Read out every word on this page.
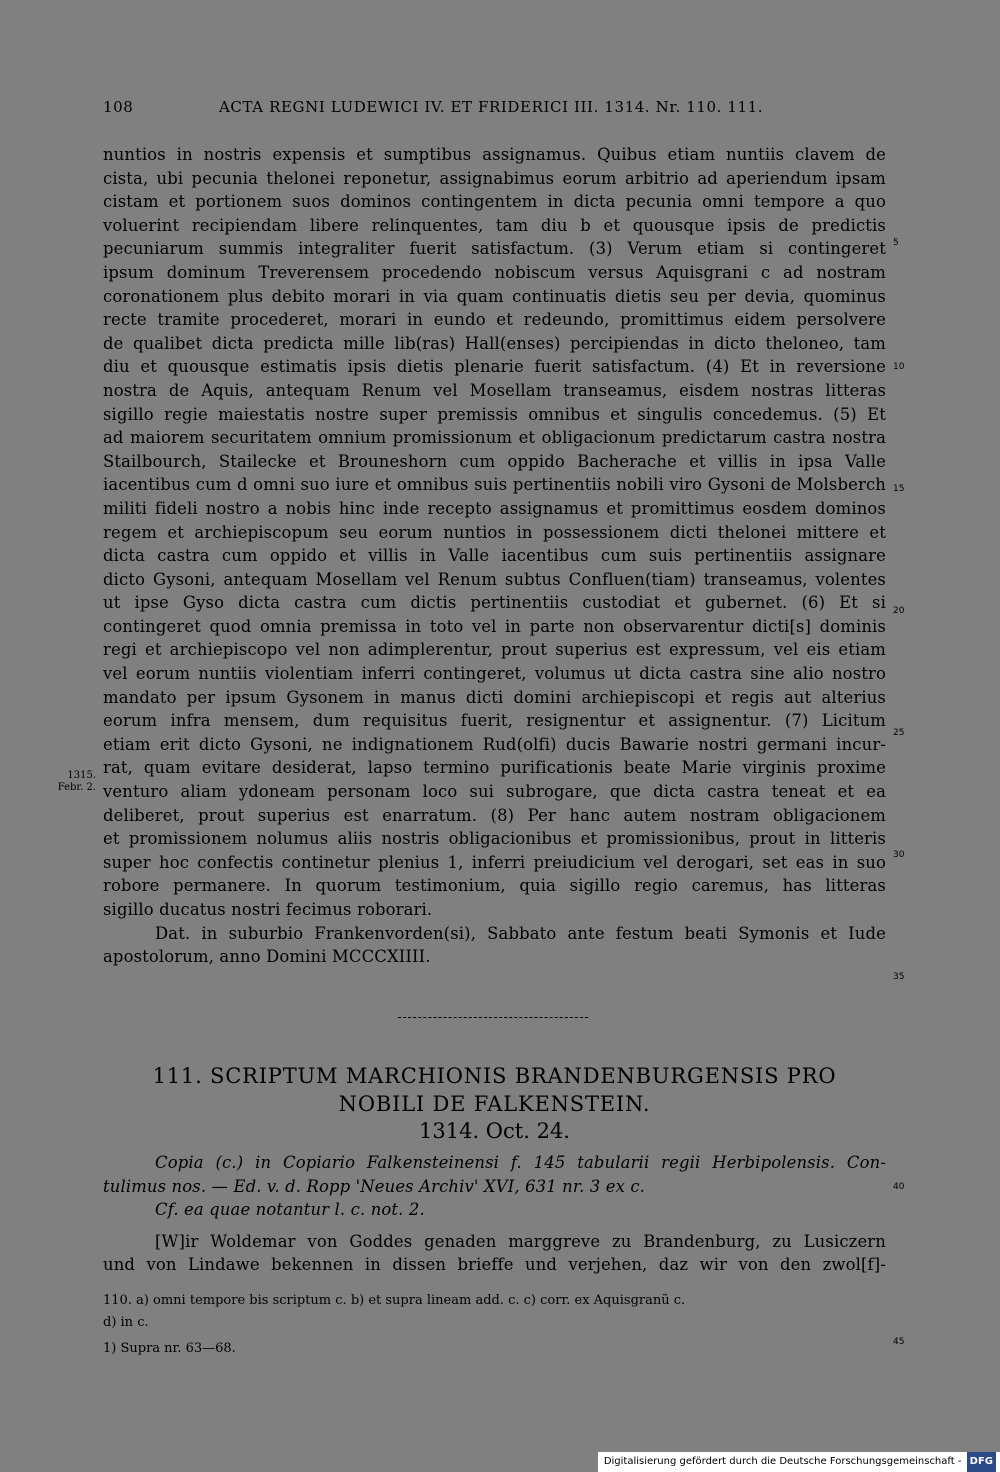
108	ACTA REGNI LUDEWICI IV. ET FRIDERICI III. 1314. Nr. 110. 111.
nuntios in nostris expensis et sumptibus assignamus. Quibus etiam nuntiis clavem de
cista, ubi pecunia thelonei reponetur, assignabimus eorum arbitrio ad aperiendum ipsam
cistam et portionem suos dominos contingentem in dicta pecunia omni tempore a quo
voluerint recipiendam libere relinquentes, tam diu b et quousque ipsis de predictis
pecuniarum summis integraliter fuerit satisfactum. (3) Verum etiam si contingeret
ipsum dominum Treverensem procedendo nobiscum versus Aquisgrani c ad nostram
coronationem plus debito morari in via quam continuatis dietis seu per devia, quominus
recte tramite procederet, morari in eundo et redeundo, promittimus eidem persolvere
de qualibet dicta predicta mille lib(ras) Hall(enses) percipiendas in dicto theloneo, tam
diu et quousque estimatis ipsis dietis plenarie fuerit satisfactum. (4) Et in reversione
nostra de Aquis, antequam Renum vel Mosellam transeamus, eisdem nostras litteras
sigillo regie maiestatis nostre super premissis omnibus et singulis concedemus. (5) Et
ad maiorem securitatem omnium promissionum et obligacionum predictarum castra nostra
Stailbourch, Stailecke et Brouneshorn cum oppido Bacherache et villis in ipsa Valle
iacentibus cum d omni suo iure et omnibus suis pertinentiis nobili viro Gysoni de Molsberch
militi fideli nostro a nobis hinc inde recepto assignamus et promittimus eosdem dominos
regem et archiepiscopum seu eorum nuntios in possessionem dicti thelonei mittere et
dicta castra cum oppido et villis in Valle iacentibus cum suis pertinentiis assignare
dicto Gysoni, antequam Mosellam vel Renum subtus Confluen(tiam) transeamus, volentes
ut ipse Gyso dicta castra cum dictis pertinentiis custodiat et gubernet. (6) Et si
contingeret quod omnia premissa in toto vel in parte non observarentur dicti[s] dominis
regi et archiepiscopo vel non adimplerentur, prout superius est expressum, vel eis etiam
vel eorum nuntiis violentiam inferri contingeret, volumus ut dicta castra sine alio nostro
mandato per ipsum Gysonem in manus dicti domini archiepiscopi et regis aut alterius
eorum infra mensem, dum requisitus fuerit, resignentur et assignentur. (7) Licitum
etiam erit dicto Gysoni, ne indignationem Rud(olfi) ducis Bawarie nostri germani incur-
rat, quam evitare desiderat, lapso termino purificationis beate Marie virginis proxime
venturo aliam ydoneam personam loco sui subrogare, que dicta castra teneat et ea
deliberet, prout superius est enarratum. (8) Per hanc autem nostram obligacionem
et promissionem nolumus aliis nostris obligacionibus et promissionibus, prout in litteris
super hoc confectis continetur plenius 1, inferri preiudicium vel derogari, set eas in suo
robore permanere. In quorum testimonium, quia sigillo regio caremus, has litteras
sigillo ducatus nostri fecimus roborari.
Dat. in suburbio Frankenvorden(si), Sabbato ante festum beati Symonis et Iude
apostolorum, anno Domini MCCCXIIII.
5
10
15
20
25
30
35
40
45
1315.
Febr. 2.
111. SCRIPTUM MARCHIONIS BRANDENBURGENSIS PRO
NOBILI DE FALKENSTEIN.
1314. Oct. 24.
Copia (c.) in Copiario Falkensteinensi f. 145 tabularii regii Herbipolensis. Con-
tulimus nos. — Ed. v. d. Ropp 'Neues Archiv' XVI, 631 nr. 3 ex c.
Cf. ea quae notantur l. c. not. 2.
[W]ir Woldemar von Goddes genaden marggreve zu Brandenburg, zu Lusiczern
und von Lindawe bekennen in dissen brieffe und verjehen, daz wir von den zwol[f]-
110. a) omni tempore bis scriptum c. b) et supra lineam add. c. c) corr. ex Aquisgranũ c.
d) in c.
1) Supra nr. 63—68.
Digitalisierung gefördert durch die Deutsche Forschungsgemeinschaft - DFG
